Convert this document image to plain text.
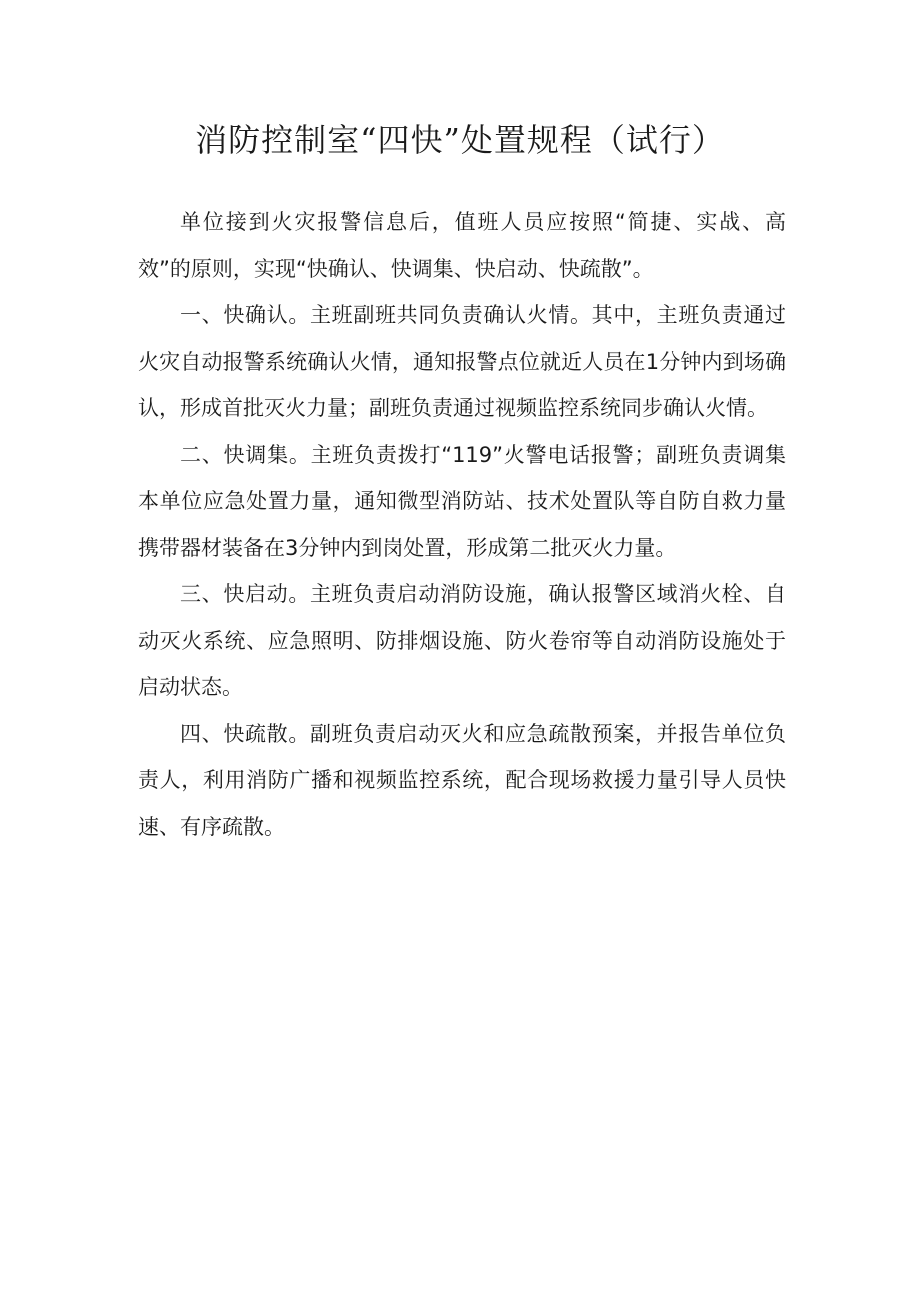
消防控制室“四快”处置规程（试行）

单位接到火灾报警信息后，值班人员应按照“简捷、实战、高效”的原则，实现“快确认、快调集、快启动、快疏散”。

一、快确认。主班副班共同负责确认火情。其中，主班负责通过火灾自动报警系统确认火情，通知报警点位就近人员在1分钟内到场确认，形成首批灭火力量；副班负责通过视频监控系统同步确认火情。

二、快调集。主班负责拨打“119”火警电话报警；副班负责调集本单位应急处置力量，通知微型消防站、技术处置队等自防自救力量携带器材装备在3分钟内到岗处置，形成第二批灭火力量。

三、快启动。主班负责启动消防设施，确认报警区域消火栓、自动灭火系统、应急照明、防排烟设施、防火卷帘等自动消防设施处于启动状态。

四、快疏散。副班负责启动灭火和应急疏散预案，并报告单位负责人，利用消防广播和视频监控系统，配合现场救援力量引导人员快速、有序疏散。
